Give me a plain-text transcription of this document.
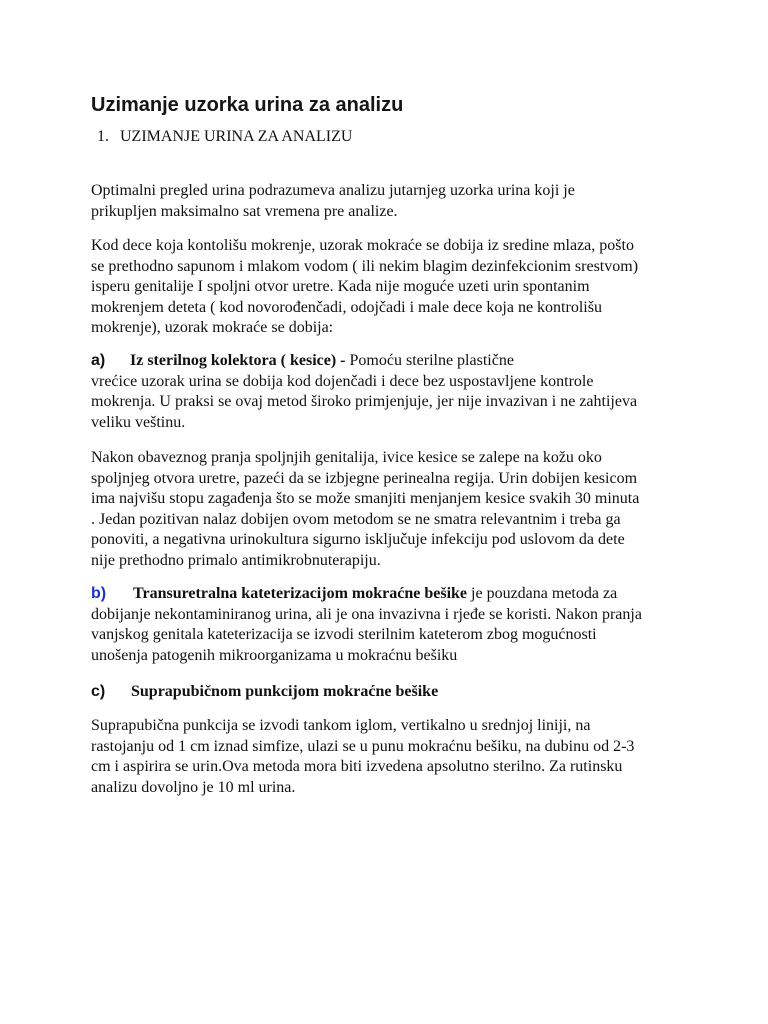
Uzimanje uzorka urina za analizu

1. UZIMANJE URINA ZA ANALIZU

Optimalni pregled urina podrazumeva analizu jutarnjeg uzorka urina koji je
prikupljen maksimalno sat vremena pre analize.

Kod dece koja kontolišu mokrenje, uzorak mokraće se dobija iz sredine mlaza, pošto
se prethodno sapunom i mlakom vodom ( ili nekim blagim dezinfekcionim srestvom)
isperu genitalije I spoljni otvor uretre. Kada nije moguće uzeti urin spontanim
mokrenjem deteta ( kod novorođenčadi, odojčadi i male dece koja ne kontrolišu
mokrenje), uzorak mokraće se dobija:

a) Iz sterilnog kolektora ( kesice) - Pomoću sterilne plastične
vrećice uzorak urina se dobija kod dojenčadi i dece bez uspostavljene kontrole
mokrenja. U praksi se ovaj metod široko primjenjuje, jer nije invazivan i ne zahtijeva
veliku veštinu.

Nakon obaveznog pranja spoljnjih genitalija, ivice kesice se zalepe na kožu oko
spoljnjeg otvora uretre, pazeći da se izbjegne perinealna regija. Urin dobijen kesicom
ima najvišu stopu zagađenja što se može smanjiti menjanjem kesice svakih 30 minuta
. Jedan pozitivan nalaz dobijen ovom metodom se ne smatra relevantnim i treba ga
ponoviti, a negativna urinokultura sigurno isključuje infekciju pod uslovom da dete
nije prethodno primalo antimikrobnuterapiju.

b) Transuretralna kateterizacijom mokraćne bešike je pouzdana metoda za
dobijanje nekontaminiranog urina, ali je ona invazivna i rjeđe se koristi. Nakon pranja
vanjskog genitala kateterizacija se izvodi sterilnim kateterom zbog mogućnosti
unošenja patogenih mikroorganizama u mokraćnu bešiku

c) Suprapubičnom punkcijom mokraćne bešike

Suprapubična punkcija se izvodi tankom iglom, vertikalno u srednjoj liniji, na
rastojanju od 1 cm iznad simfize, ulazi se u punu mokraćnu bešiku, na dubinu od 2-3
cm i aspirira se urin.Ova metoda mora biti izvedena apsolutno sterilno. Za rutinsku
analizu dovoljno je 10 ml urina.
